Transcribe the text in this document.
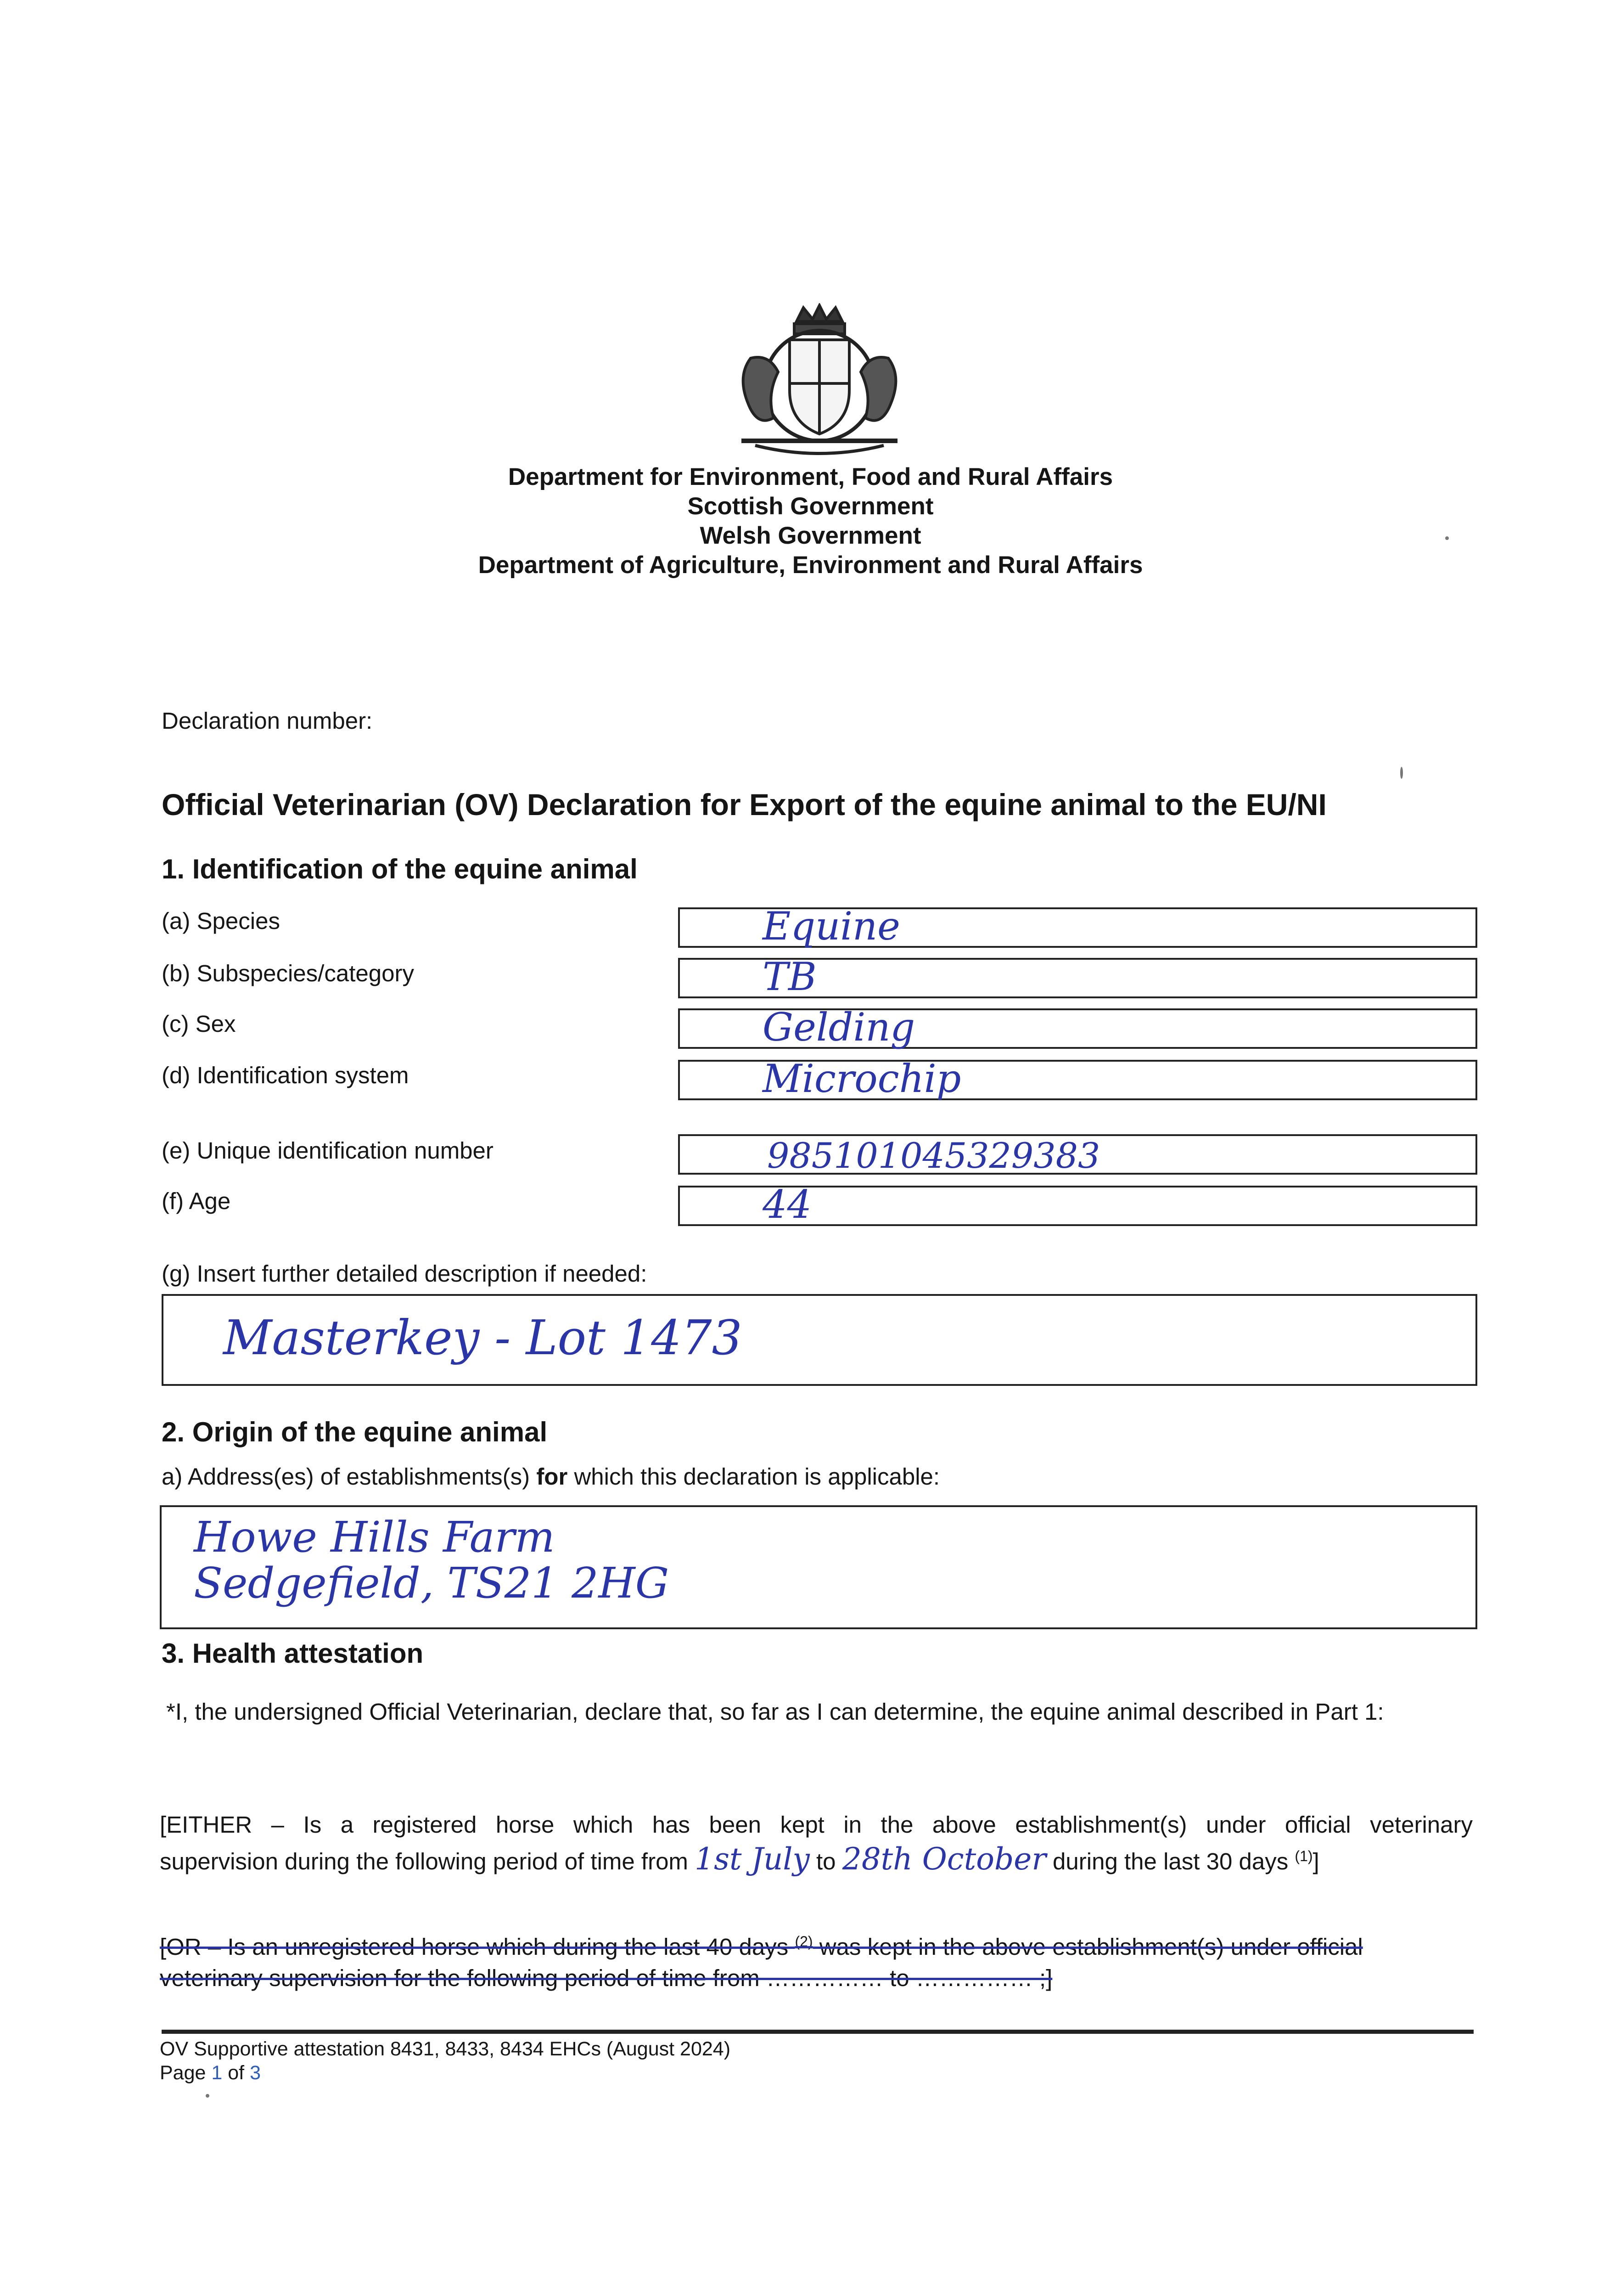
Department for Environment, Food and Rural Affairs
Scottish Government
Welsh Government
Department of Agriculture, Environment and Rural Affairs
Declaration number:
Official Veterinarian (OV) Declaration for Export of the equine animal to the EU/NI
1. Identification of the equine animal
(a) Species	Equine
(b) Subspecies/category	TB
(c) Sex	Gelding
(d) Identification system	Microchip
(e) Unique identification number	985101045329383
(f) Age	44
(g) Insert further detailed description if needed:
Masterkey - Lot 1473
2. Origin of the equine animal
a) Address(es) of establishments(s) for which this declaration is applicable:
Howe Hills Farm
Sedgefield, TS21 2HG
3. Health attestation
*I, the undersigned Official Veterinarian, declare that, so far as I can determine, the equine animal described in Part 1:
[EITHER – Is a registered horse which has been kept in the above establishment(s) under official veterinary
supervision during the following period of time from 1st July to 28th October during the last 30 days $^{(1)}$]
[OR – Is an unregistered horse which during the last 40 days $^{(2)}$ was kept in the above establishment(s) under official
veterinary supervision for the following period of time from …………… to …………… ;]
OV Supportive attestation 8431, 8433, 8434 EHCs (August 2024)
Page 1 of 3
